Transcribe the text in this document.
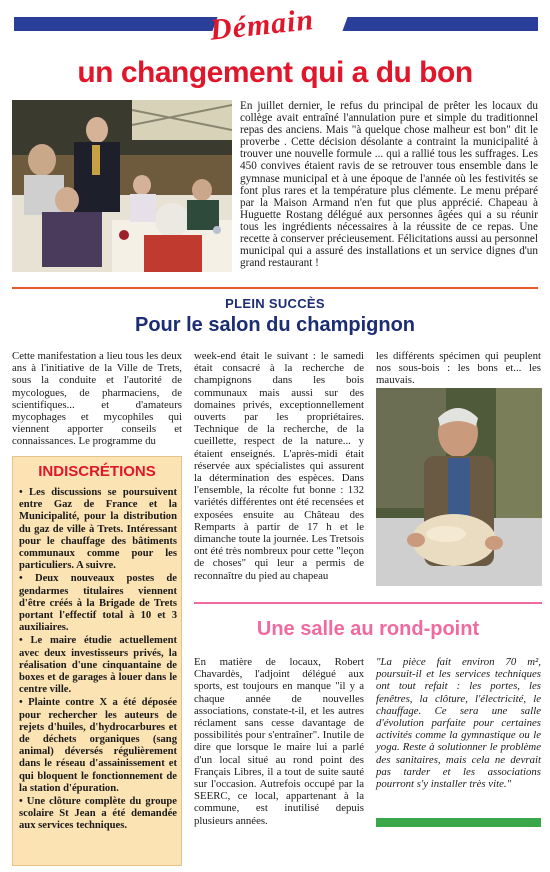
Démain
un changement qui a du bon
En juillet dernier, le refus du principal de prêter les locaux du collège avait entraîné l'annulation pure et simple du traditionnel repas des anciens. Mais "à quelque chose malheur est bon" dit le proverbe . Cette décision désolante a contraint la municipalité à trouver une nouvelle formule ... qui a rallié tous les suffrages. Les 450 convives étaient ravis de se retrouver tous ensemble dans le gymnase municipal et à une époque de l'année où les festivités se font plus rares et la température plus clémente. Le menu préparé par la Maison Armand n'en fut que plus apprécié. Chapeau à Huguette Rostang délégué aux personnes âgées qui a su réunir tous les ingrédients nécessaires à la réussite de ce repas. Une recette à conserver précieusement. Félicitations aussi au personnel municipal qui a assuré des installations et un service dignes d'un grand restaurant !
PLEIN SUCCÈS
Pour le salon du champignon

Cette manifestation a lieu tous les deux ans à l'initiative de la Ville de Trets, sous la conduite et l'autorité de mycologues, de pharmaciens, de scientifiques... et d'amateurs mycophages et mycophiles qui viennent apporter conseils et connaissances. Le programme du

week-end était le suivant : le samedi était consacré à la recherche de champignons dans les bois communaux mais aussi sur des domaines privés, exceptionnellement ouverts par les propriétaires. Technique de la recherche, de la cueillette, respect de la nature... y étaient enseignés. L'après-midi était réservée aux spécialistes qui assurent la détermination des espèces. Dans l'ensemble, la récolte fut bonne : 132 variétés différentes ont été recensées et exposées ensuite au Château des Remparts à partir de 17 h et le dimanche toute la journée. Les Tretsois ont été très nombreux pour cette "leçon de choses" qui leur a permis de reconnaître du pied au chapeau

les différents spécimen qui peuplent nos sous-bois : les bons et... les mauvais.

INDISCRÉTIONS

• Les discussions se poursuivent entre Gaz de France et la Municipalité, pour la distribution du gaz de ville à Trets. Intéressant pour le chauffage des bâtiments communaux comme pour les particuliers. A suivre.

• Deux nouveaux postes de gendarmes titulaires viennent d'être créés à la Brigade de Trets portant l'effectif total à 10 et 3 auxiliaires.

• Le maire étudie actuellement avec deux investisseurs privés, la réalisation d'une cinquantaine de boxes et de garages à louer dans le centre ville.

• Plainte contre X a été déposée pour rechercher les auteurs de rejets d'huiles, d'hydrocarbures et de déchets organiques (sang animal) déversés régulièrement dans le réseau d'assainissement et qui bloquent le fonctionnement de la station d'épuration.

• Une clôture complète du groupe scolaire St Jean a été demandée aux services techniques.

Une salle au rond-point

En matière de locaux, Robert Chavardès, l'adjoint délégué aux sports, est toujours en manque "il y a chaque année de nouvelles associations, constate-t-il, et les autres réclament sans cesse davantage de possibilités pour s'entraîner". Inutile de dire que lorsque le maire lui a parlé d'un local situé au rond point des Français Libres, il a tout de suite sauté sur l'occasion. Autrefois occupé par la SEERC, ce local, appartenant à la commune, est inutilisé depuis plusieurs années.

"La pièce fait environ 70 m², poursuit-il et les services techniques ont tout refait : les portes, les fenêtres, la clôture, l'électricité, le chauffage. Ce sera une salle d'évolution parfaite pour certaines activités comme la gymnastique ou le yoga. Reste à solutionner le problème des sanitaires, mais cela ne devrait pas tarder et les associations pourront s'y installer très vite."
